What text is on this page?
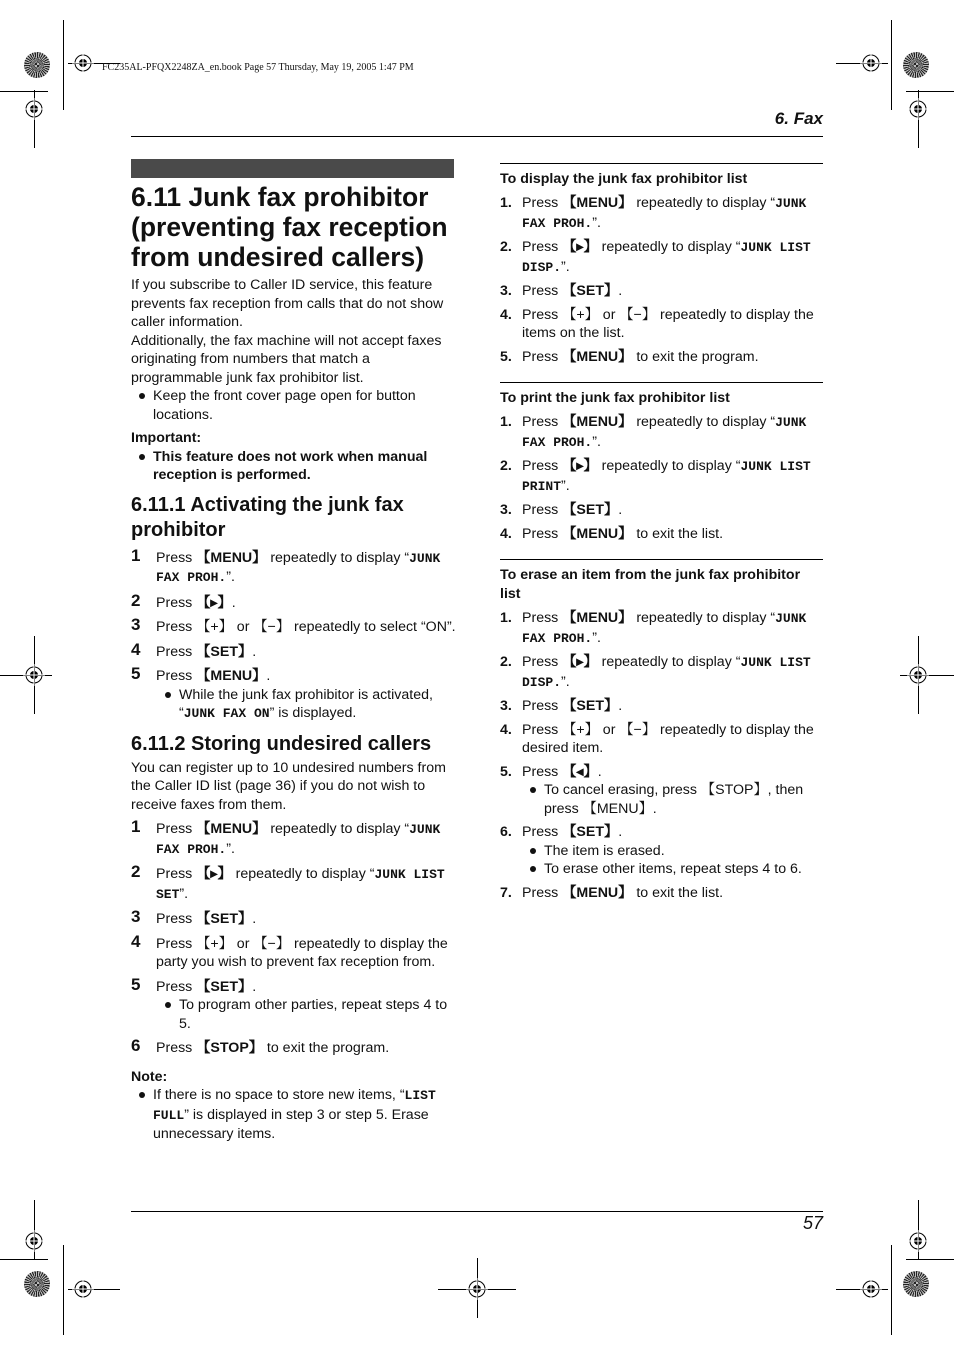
FC235AL-PFQX2248ZA_en.book Page 57 Thursday, May 19, 2005 1:47 PM
6. Fax
6.11 Junk fax prohibitor (preventing fax reception from undesired callers)

If you subscribe to Caller ID service, this feature prevents fax reception from calls that do not show caller information.

Additionally, the fax machine will not accept faxes originating from numbers that match a programmable junk fax prohibitor list.

Keep the front cover page open for button locations.

Important:

This feature does not work when manual reception is performed.
6.11.1 Activating the junk fax prohibitor
1 Press 【MENU】 repeatedly to display “JUNK FAX PROH.”.
2 Press 【▸】.
3 Press 【+】 or 【−】 repeatedly to select “ON”.
4 Press 【SET】.
5 Press 【MENU】.
While the junk fax prohibitor is activated, “JUNK FAX ON” is displayed.
6.11.2 Storing undesired callers

You can register up to 10 undesired numbers from the Caller ID list (page 36) if you do not wish to receive faxes from them.

1 Press 【MENU】 repeatedly to display “JUNK FAX PROH.”.
2 Press 【▸】 repeatedly to display “JUNK LIST SET”.
3 Press 【SET】.
4 Press 【+】 or 【−】 repeatedly to display the party you wish to prevent fax reception from.
5 Press 【SET】.
To program other parties, repeat steps 4 to 5.
6 Press 【STOP】 to exit the program.

Note:

If there is no space to store new items, “LIST FULL” is displayed in step 3 or step 5. Erase unnecessary items.
To display the junk fax prohibitor list
1. Press 【MENU】 repeatedly to display “JUNK FAX PROH.”.
2. Press 【▸】 repeatedly to display “JUNK LIST DISP.”.
3. Press 【SET】.
4. Press 【+】 or 【−】 repeatedly to display the items on the list.
5. Press 【MENU】 to exit the program.
To print the junk fax prohibitor list
1. Press 【MENU】 repeatedly to display “JUNK FAX PROH.”.
2. Press 【▸】 repeatedly to display “JUNK LIST PRINT”.
3. Press 【SET】.
4. Press 【MENU】 to exit the list.
To erase an item from the junk fax prohibitor list
1. Press 【MENU】 repeatedly to display “JUNK FAX PROH.”.
2. Press 【▸】 repeatedly to display “JUNK LIST DISP.”.
3. Press 【SET】.
4. Press 【+】 or 【−】 repeatedly to display the desired item.
5. Press 【◂】.
To cancel erasing, press 【STOP】, then press 【MENU】.
6. Press 【SET】.
The item is erased.
To erase other items, repeat steps 4 to 6.
7. Press 【MENU】 to exit the list.
57
